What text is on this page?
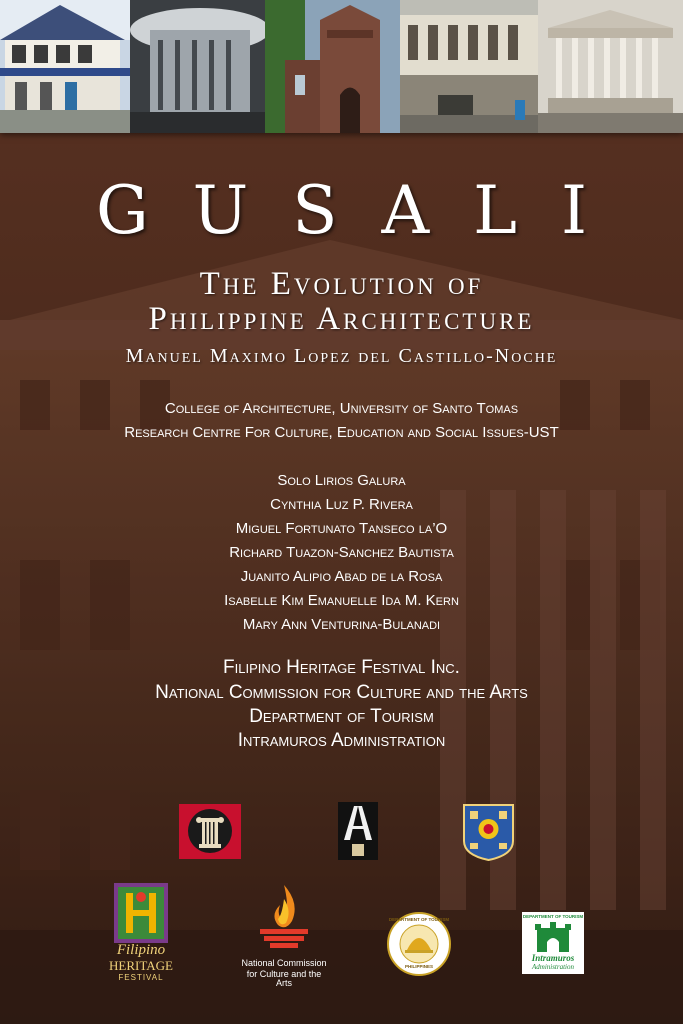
GUSALI
The Evolution of
Philippine Architecture
Manuel Maximo Lopez del Castillo-Noche
College of Architecture, University of Santo Tomas
Research Centre For Culture, Education and Social Issues-UST
Solo Lirios Galura
Cynthia Luz P. Rivera
Miguel Fortunato Tanseco la’O
Richard Tuazon-Sanchez Bautista
Juanito Alipio Abad de la Rosa
Isabelle Kim Emanuelle Ida M. Kern
Mary Ann Venturina-Bulanadi
Filipino Heritage Festival Inc.
National Commission for Culture and the Arts
Department of Tourism
Intramuros Administration
Filipino
HERITAGE
FESTIVAL
National Commission
for Culture and the Arts
DEPARTMENT OF TOURISM
PHILIPPINES
DEPARTMENT OF TOURISM
Intramuros
Administration
